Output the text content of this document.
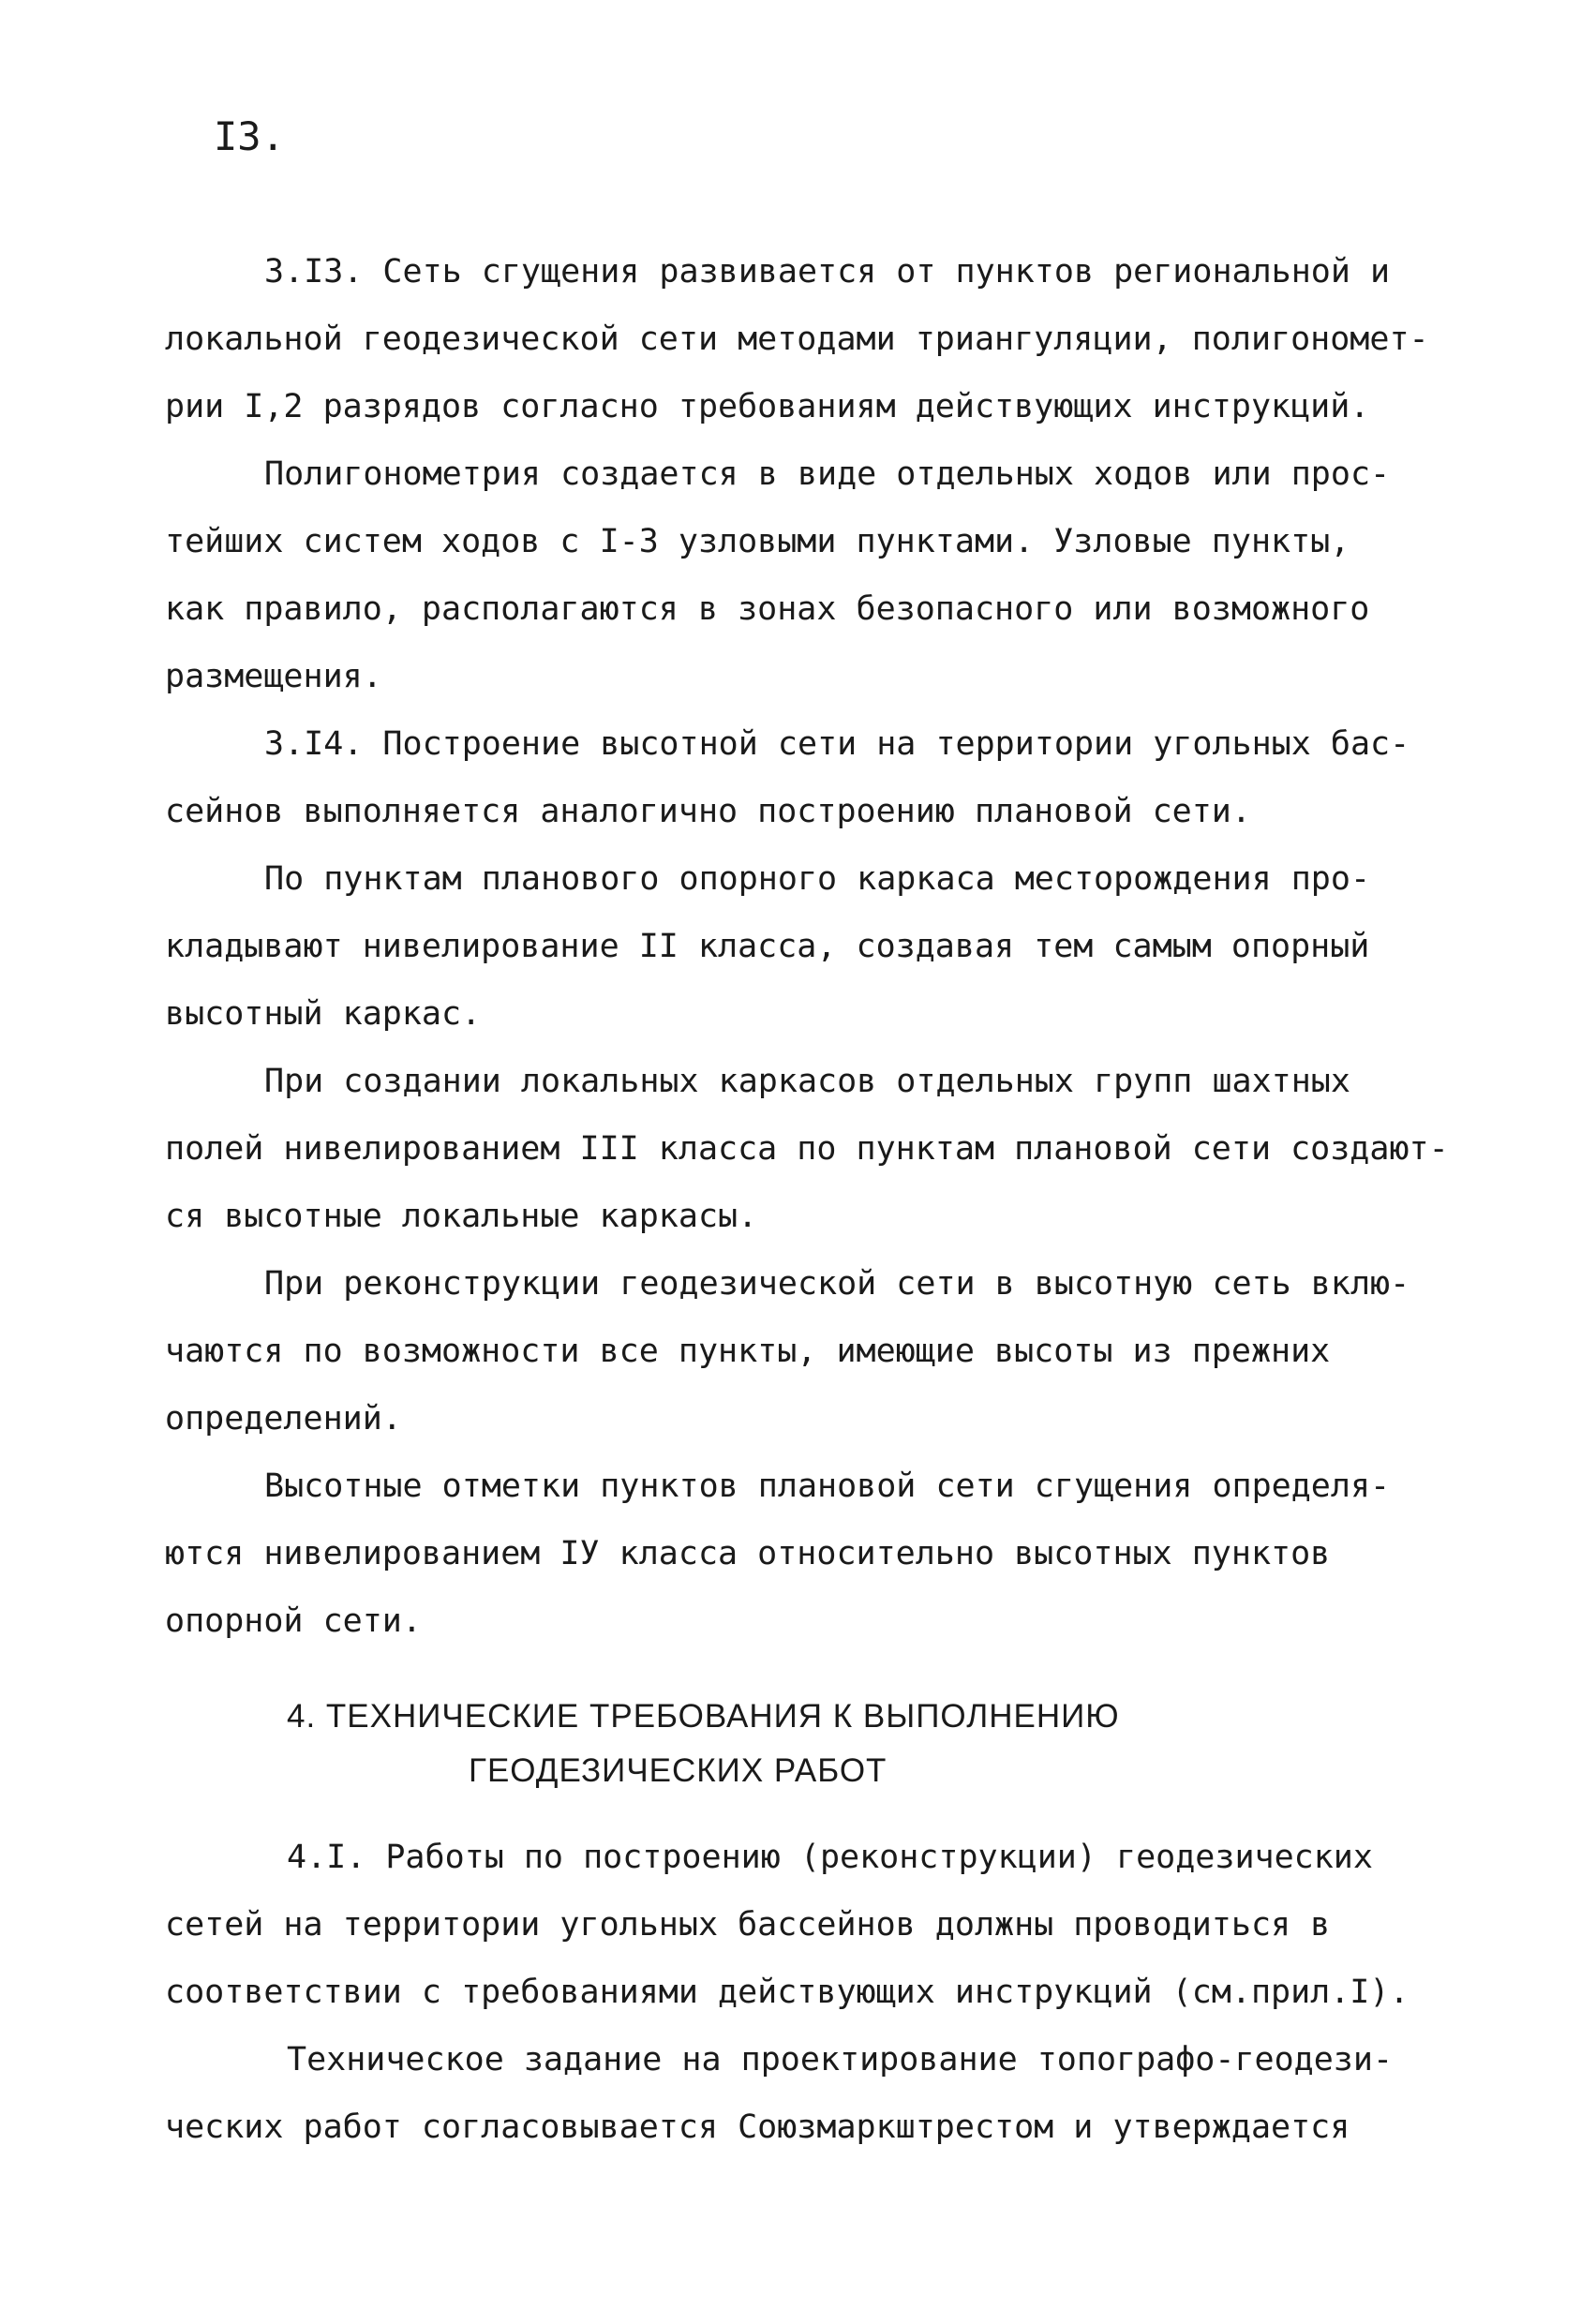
I3.
3.I3. Сеть сгущения развивается от пунктов региональной и
локальной геодезической сети методами триангуляции, полигономет-
рии I,2 разрядов согласно требованиям действующих инструкций.
Полигонометрия создается в виде отдельных ходов или прос-
тейших систем ходов с I-3 узловыми пунктами. Узловые пункты,
как правило, располагаются в зонах безопасного или возможного
размещения.
3.I4. Построение высотной сети на территории угольных бас-
сейнов выполняется аналогично построению плановой сети.
По пунктам планового опорного каркаса месторождения про-
кладывают нивелирование II класса, создавая тем самым опорный
высотный каркас.
При создании локальных каркасов отдельных групп шахтных
полей нивелированием III класса по пунктам плановой сети создают-
ся высотные локальные каркасы.
При реконструкции геодезической сети в высотную сеть вклю-
чаются по возможности все пункты, имеющие высоты из прежних
определений.
Высотные отметки пунктов плановой сети сгущения определя-
ются нивелированием IУ класса относительно высотных пунктов
опорной сети.
4. ТЕХНИЧЕСКИЕ ТРЕБОВАНИЯ К ВЫПОЛНЕНИЮ
ГЕОДЕЗИЧЕСКИХ РАБОТ
4.I. Работы по построению (реконструкции) геодезических
сетей на территории угольных бассейнов должны проводиться в
соответствии с требованиями действующих инструкций (см.прил.I).
Техническое задание на проектирование топографо-геодези-
ческих работ согласовывается Союзмаркштрестом и утверждается
